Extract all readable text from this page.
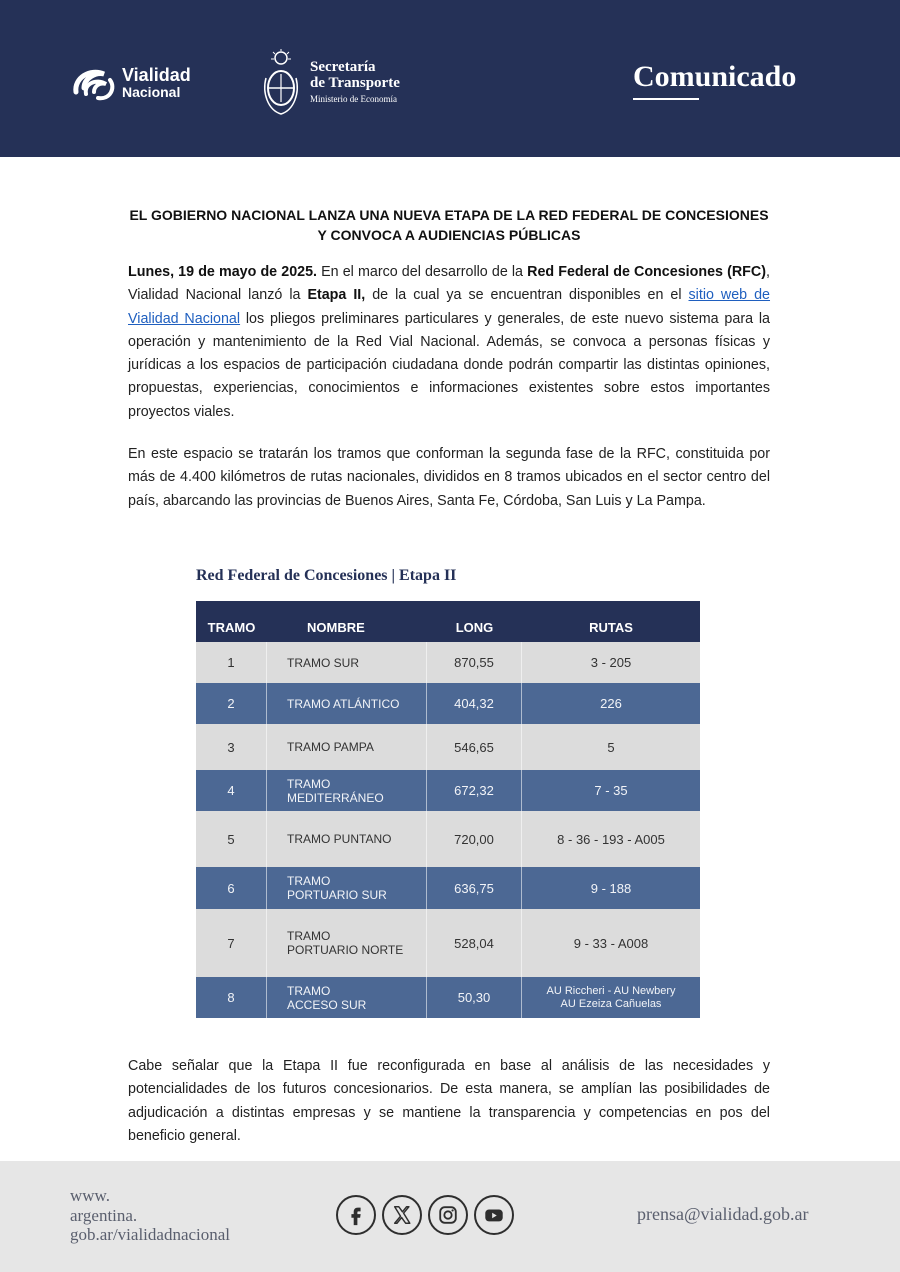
Vialidad
Nacional
Secretaría
de Transporte
Ministerio de Economía
Comunicado
EL GOBIERNO NACIONAL LANZA UNA NUEVA ETAPA DE LA RED FEDERAL DE CONCESIONES
Y CONVOCA A AUDIENCIAS PÚBLICAS
Lunes, 19 de mayo de 2025. En el marco del desarrollo de la Red Federal de Concesiones (RFC), Vialidad Nacional lanzó la Etapa II, de la cual ya se encuentran disponibles en el sitio web de Vialidad Nacional los pliegos preliminares particulares y generales, de este nuevo sistema para la operación y mantenimiento de la Red Vial Nacional. Además, se convoca a personas físicas y jurídicas a los espacios de participación ciudadana donde podrán compartir las distintas opiniones, propuestas, experiencias, conocimientos e informaciones existentes sobre estos importantes proyectos viales.
En este espacio se tratarán los tramos que conforman la segunda fase de la RFC, constituida por más de 4.400 kilómetros de rutas nacionales, divididos en 8 tramos ubicados en el sector centro del país, abarcando las provincias de Buenos Aires, Santa Fe, Córdoba, San Luis y La Pampa.
Red Federal de Concesiones | Etapa II
TRAMO	NOMBRE	LONG	RUTAS
1	TRAMO SUR	870,55	3 - 205
2	TRAMO ATLÁNTICO	404,32	226
3	TRAMO PAMPA	546,65	5
4	TRAMO
MEDITERRÁNEO	672,32	7 - 35
5	TRAMO PUNTANO	720,00	8 - 36 - 193 - A005
6	TRAMO
PORTUARIO SUR	636,75	9 - 188
7	TRAMO
PORTUARIO NORTE	528,04	9 - 33 - A008
8	TRAMO
ACCESO SUR	50,30	AU Riccheri - AU Newbery
AU Ezeiza Cañuelas
Cabe señalar que la Etapa II fue reconfigurada en base al análisis de las necesidades y potencialidades de los futuros concesionarios. De esta manera, se amplían las posibilidades de adjudicación a distintas empresas y se mantiene la transparencia y competencias en pos del beneficio general.
www.
argentina.
gob.ar/vialidadnacional
prensa@vialidad.gob.ar
